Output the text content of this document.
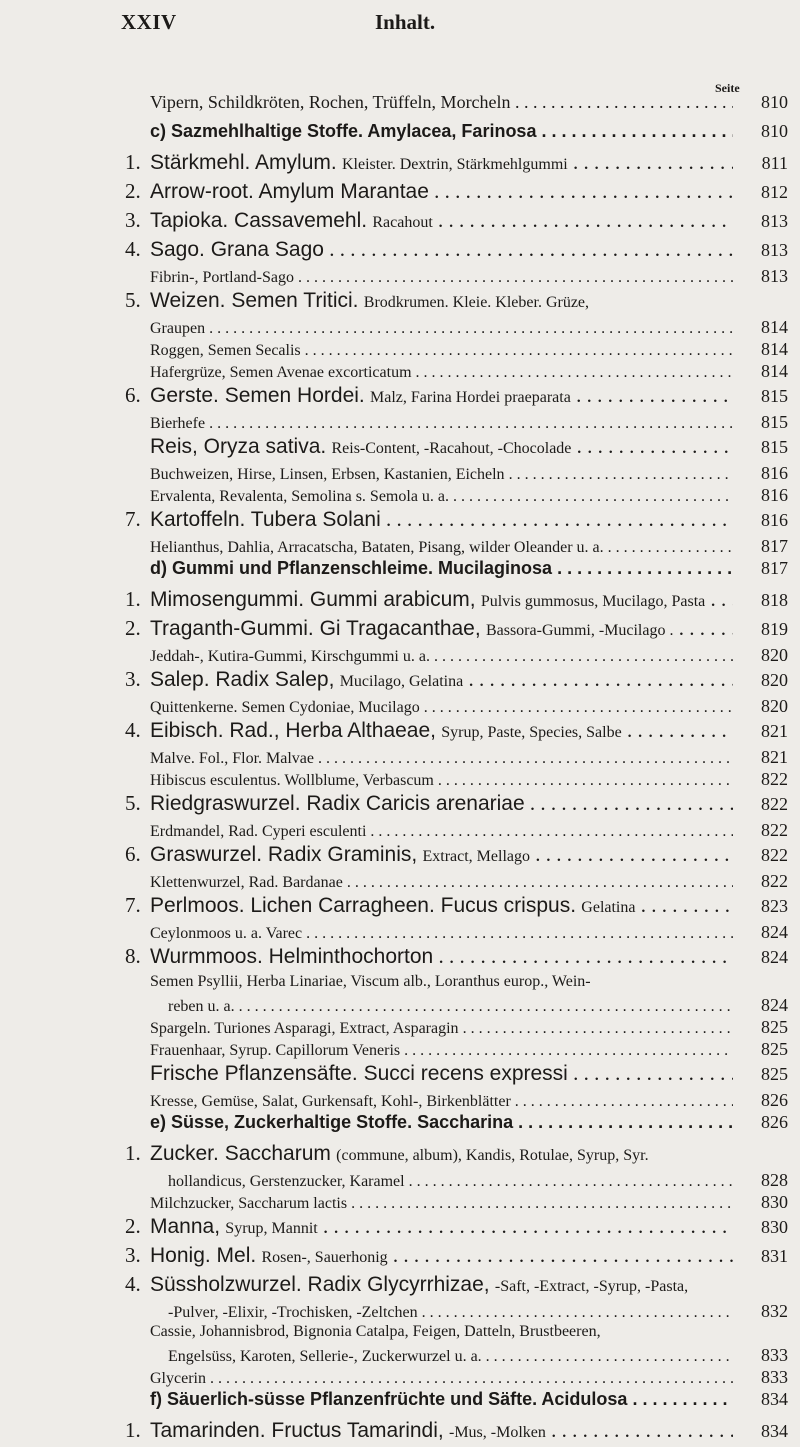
XXIV	Inhalt.
Seite
Vipern, Schildkröten, Rochen, Trüffeln, Morcheln . . .	810
c) Sazmehlhaltige Stoffe. Amylacea, Farinosa . . .	810
1. Stärkmehl. Amylum. Kleister. Dextrin, Stärkmehlgummi . . .	811
2. Arrow-root. Amylum Marantae . . .	812
3. Tapioka. Cassavemehl. Racahout . . .	813
4. Sago. Grana Sago . . .	813
Fibrin-, Portland-Sago . . .	813
5. Weizen. Semen Tritici. Brodkrumen. Kleie. Kleber. Grüze,
Graupen . . .	814
Roggen, Semen Secalis . . .	814
Hafergrüze, Semen Avenae excorticatum . . .	814
6. Gerste. Semen Hordei. Malz, Farina Hordei praeparata . . .	815
Bierhefe . . .	815
Reis, Oryza sativa. Reis-Content, -Racahout, -Chocolade . . .	815
Buchweizen, Hirse, Linsen, Erbsen, Kastanien, Eicheln . . .	816
Ervalenta, Revalenta, Semolina s. Semola u. a. . . .	816
7. Kartoffeln. Tubera Solani . . .	816
Helianthus, Dahlia, Arracatscha, Bataten, Pisang, wilder Oleander u. a. . . .	817
d) Gummi und Pflanzenschleime. Mucilaginosa . . .	817
1. Mimosengummi. Gummi arabicum, Pulvis gummosus, Mucilago, Pasta . . .	818
2. Traganth-Gummi. Gi Tragacanthae, Bassora-Gummi, -Mucilago . . . .	819
Jeddah-, Kutira-Gummi, Kirschgummi u. a. . . .	820
3. Salep. Radix Salep, Mucilago, Gelatina . . .	820
Quittenkerne. Semen Cydoniae, Mucilago . . .	820
4. Eibisch. Rad., Herba Althaeae, Syrup, Paste, Species, Salbe . . .	821
Malve. Fol., Flor. Malvae . . .	821
Hibiscus esculentus. Wollblume, Verbascum . . .	822
5. Riedgraswurzel. Radix Caricis arenariae . . .	822
Erdmandel, Rad. Cyperi esculenti . . .	822
6. Graswurzel. Radix Graminis, Extract, Mellago . . .	822
Klettenwurzel, Rad. Bardanae . . .	822
7. Perlmoos. Lichen Carragheen. Fucus crispus. Gelatina . . .	823
Ceylonmoos u. a. Varec . . .	824
8. Wurmmoos. Helminthochorton . . .	824
Semen Psyllii, Herba Linariae, Viscum alb., Loranthus europ., Wein-
reben u. a. . . .	824
Spargeln. Turiones Asparagi, Extract, Asparagin . . .	825
Frauenhaar, Syrup. Capillorum Veneris . . .	825
Frische Pflanzensäfte. Succi recens expressi . . .	825
Kresse, Gemüse, Salat, Gurkensaft, Kohl-, Birkenblätter . . .	826
e) Süsse, Zuckerhaltige Stoffe. Saccharina . . .	826
1. Zucker. Saccharum (commune, album), Kandis, Rotulae, Syrup, Syr.
hollandicus, Gerstenzucker, Karamel . . .	828
Milchzucker, Saccharum lactis . . .	830
2. Manna, Syrup, Mannit . . .	830
3. Honig. Mel. Rosen-, Sauerhonig . . .	831
4. Süssholzwurzel. Radix Glycyrrhizae, -Saft, -Extract, -Syrup, -Pasta,
-Pulver, -Elixir, -Trochisken, -Zeltchen . . .	832
Cassie, Johannisbrod, Bignonia Catalpa, Feigen, Datteln, Brustbeeren,
Engelsüss, Karoten, Sellerie-, Zuckerwurzel u. a. . . .	833
Glycerin . . .	833
f) Säuerlich-süsse Pflanzenfrüchte und Säfte. Acidulosa . . .	834
1. Tamarinden. Fructus Tamarindi, -Mus, -Molken . . .	834
